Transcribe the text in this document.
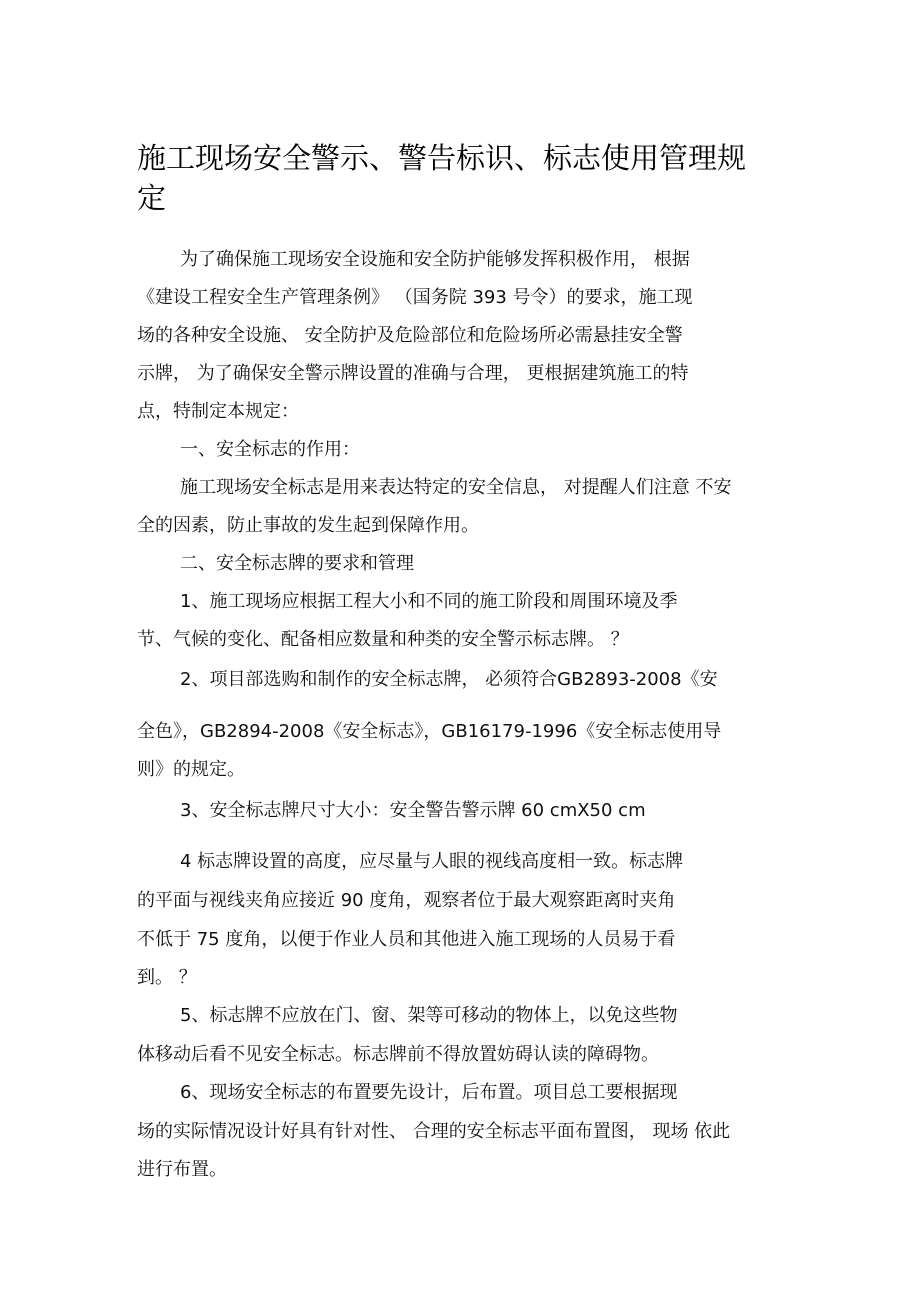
施工现场安全警示、警告标识、标志使用管理规
定

为了确保施工现场安全设施和安全防护能够发挥积极作用， 根据

《建设工程安全生产管理条例》 （国务院 393 号令）的要求，施工现

场的各种安全设施、 安全防护及危险部位和危险场所必需悬挂安全警

示牌， 为了确保安全警示牌设置的准确与合理， 更根据建筑施工的特

点，特制定本规定：

一、安全标志的作用：

施工现场安全标志是用来表达特定的安全信息， 对提醒人们注意 不安

全的因素，防止事故的发生起到保障作用。

二、安全标志牌的要求和管理

1、施工现场应根据工程大小和不同的施工阶段和周围环境及季

节、气候的变化、配备相应数量和种类的安全警示标志牌。 ？

2、项目部选购和制作的安全标志牌， 必须符合GB2893-2008《安

全色》，GB2894-2008《安全标志》，GB16179-1996《安全标志使用导

则》的规定。

3、安全标志牌尺寸大小：安全警告警示牌 60 cmX50 cm

4 标志牌设置的高度，应尽量与人眼的视线高度相一致。标志牌

的平面与视线夹角应接近 90 度角，观察者位于最大观察距离时夹角

不低于 75 度角，以便于作业人员和其他进入施工现场的人员易于看

到。 ？

5、标志牌不应放在门、窗、架等可移动的物体上，以免这些物

体移动后看不见安全标志。标志牌前不得放置妨碍认读的障碍物。

6、现场安全标志的布置要先设计，后布置。项目总工要根据现

场的实际情况设计好具有针对性、 合理的安全标志平面布置图， 现场 依此

进行布置。
